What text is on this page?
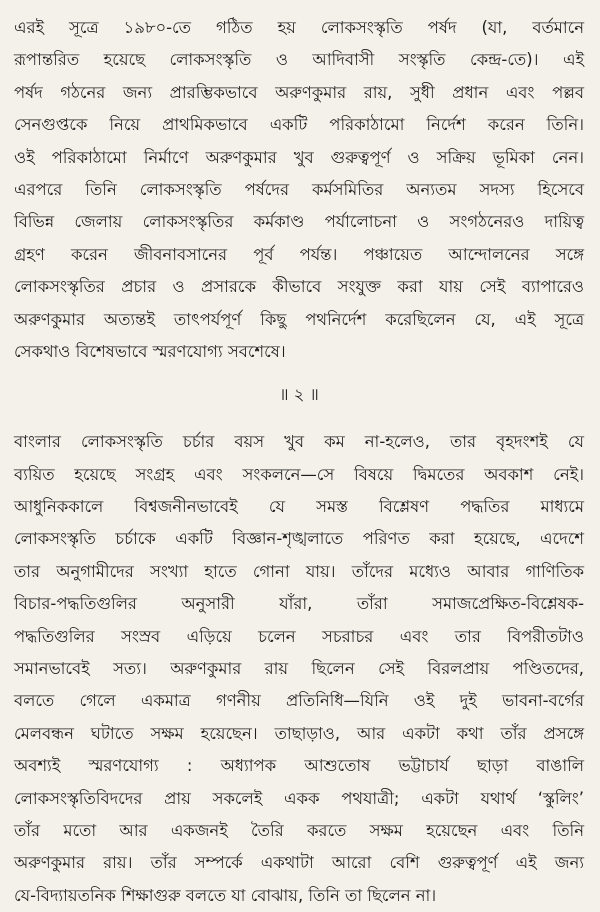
এরই সূত্রে ১৯৮০-তে গঠিত হয় লোকসংস্কৃতি পর্ষদ (যা, বর্তমানে
রূপান্তরিত হয়েছে লোকসংস্কৃতি ও আদিবাসী সংস্কৃতি কেন্দ্র-তে)। এই
পর্ষদ গঠনের জন্য প্রারম্ভিকভাবে অরুণকুমার রায়, সুধী প্রধান এবং পল্লব
সেনগুপ্তকে নিয়ে প্রাথমিকভাবে একটি পরিকাঠামো নির্দেশ করেন তিনি।
ওই পরিকাঠামো নির্মাণে অরুণকুমার খুব গুরুত্বপূর্ণ ও সক্রিয় ভূমিকা নেন।
এরপরে তিনি লোকসংস্কৃতি পর্ষদের কর্মসমিতির অন্যতম সদস্য হিসেবে
বিভিন্ন জেলায় লোকসংস্কৃতির কর্মকাণ্ড পর্যালোচনা ও সংগঠনেরও দায়িত্ব
গ্রহণ করেন জীবনাবসানের পূর্ব পর্যন্ত। পঞ্চায়েত আন্দোলনের সঙ্গে
লোকসংস্কৃতির প্রচার ও প্রসারকে কীভাবে সংযুক্ত করা যায় সেই ব্যাপারেও
অরুণকুমার অত্যন্তই তাৎপর্যপূর্ণ কিছু পথনির্দেশ করেছিলেন যে, এই সূত্রে
সেকথাও বিশেষভাবে স্মরণযোগ্য সবশেষে।
॥ ২ ॥
বাংলার লোকসংস্কৃতি চর্চার বয়স খুব কম না-হলেও, তার বৃহদংশই যে
ব্যয়িত হয়েছে সংগ্রহ এবং সংকলনে—সে বিষয়ে দ্বিমতের অবকাশ নেই।
আধুনিককালে বিশ্বজনীনভাবেই যে সমস্ত বিশ্লেষণ পদ্ধতির মাধ্যমে
লোকসংস্কৃতি চর্চাকে একটি বিজ্ঞান-শৃঙ্খলাতে পরিণত করা হয়েছে, এদেশে
তার অনুগামীদের সংখ্যা হাতে গোনা যায়। তাঁদের মধ্যেও আবার গাণিতিক
বিচার-পদ্ধতিগুলির অনুসারী যাঁরা, তাঁরা সমাজপ্রেক্ষিত-বিশ্লেষক-
পদ্ধতিগুলির সংস্রব এড়িয়ে চলেন সচরাচর এবং তার বিপরীতটাও
সমানভাবেই সত্য। অরুণকুমার রায় ছিলেন সেই বিরলপ্রায় পণ্ডিতদের,
বলতে গেলে একমাত্র গণনীয় প্রতিনিধি—যিনি ওই দুই ভাবনা-বর্গের
মেলবন্ধন ঘটাতে সক্ষম হয়েছেন। তাছাড়াও, আর একটা কথা তাঁর প্রসঙ্গে
অবশ্যই স্মরণযোগ্য : অধ্যাপক আশুতোষ ভট্টাচার্য ছাড়া বাঙালি
লোকসংস্কৃতিবিদদের প্রায় সকলেই একক পথযাত্রী; একটা যথার্থ ‘স্কুলিং’
তাঁর মতো আর একজনই তৈরি করতে সক্ষম হয়েছেন এবং তিনি
অরুণকুমার রায়। তাঁর সম্পর্কে একথাটা আরো বেশি গুরুত্বপূর্ণ এই জন্য
যে-বিদ্যায়তনিক শিক্ষাগুরু বলতে যা বোঝায়, তিনি তা ছিলেন না।
